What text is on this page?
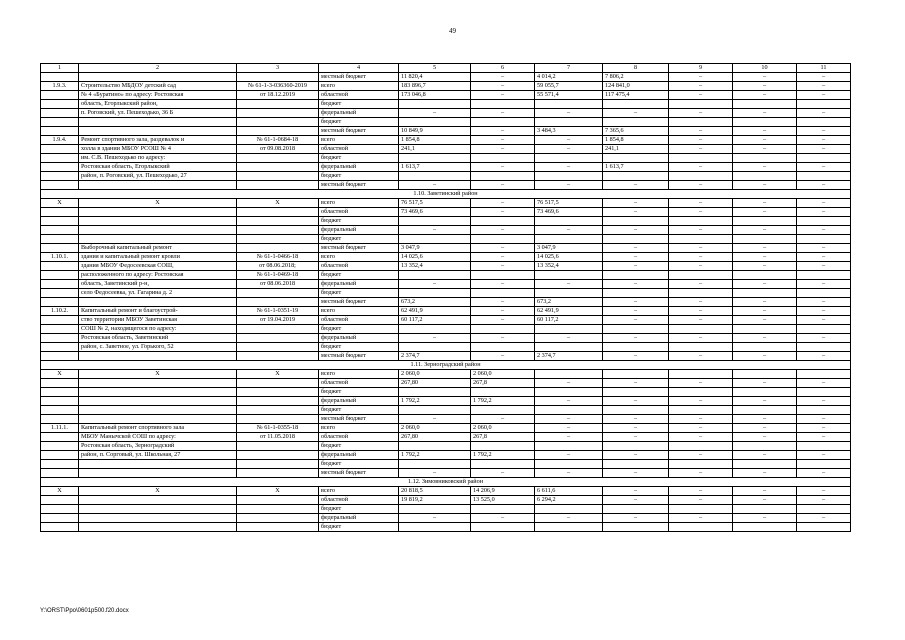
49
1	2	3	4	5	6	7	8	9	10	11
			местный бюджет	11 820,4	–	4 014,2	7 806,2	–	–	–
1.9.3.	Строительство МБДОУ детский сад	№ 61-1-3-036360-2019	всего	183 896,7	–	59 055,7	124 841,0	–	–	–
	№ 4 «Буратино» по адресу: Ростовская	от 18.12.2019	областной	173 046,8	–	55 571,4	117 475,4	–	–	–
	область, Егорлыкский район,		бюджет							
	п. Роговский, ул. Пешеходько, 36 Б		федеральный	–	–	–	–	–	–	–
			бюджет							
			местный бюджет	10 849,9	–	3 484,3	7 365,6	–	–	–
1.9.4.	Ремонт спортивного зала, раздевалок и	№ 61-1-0684-18	всего	1 854,8	–	–	1 854,8	–	–	–
	холла в здании МБОУ РСОШ № 4	от 09.08.2018	областной	241,1	–	–	241,1	–	–	–
	им. С.В. Пешеходько по адресу:		бюджет							
	Ростовская область, Егорлыкский		федеральный	1 613,7	–	–	1 613,7	–	–	–
	район, п. Роговский, ул. Пешеходько, 27		бюджет							
			местный бюджет	–	–	–	–	–	–	–
1.10. Заветинский район										
X	X	X	всего	76 517,5	–	76 517,5	–	–	–	–
			областной	73 469,6	–	73 469,6	–	–	–	–
			бюджет							
			федеральный	–	–	–	–	–	–	–
			бюджет							
	Выборочный капитальный ремонт		местный бюджет	3 047,9	–	3 047,9	–	–	–	–
1.10.1.	здания и капитальный ремонт кровли	№ 61-1-0466-18	всего	14 025,6	–	14 025,6	–	–	–	–
	здания МБОУ Федосеевская СОШ,	от 08.06.2018;	областной	13 352,4	–	13 352,4	–	–	–	–
	расположенного по адресу: Ростовская	№ 61-1-0469-18	бюджет							
	область, Заветинский р-н,	от 08.06.2018	федеральный	–	–	–	–	–	–	–
	село Федосеевка, ул. Гагарина д. 2		бюджет							
			местный бюджет	673,2	–	673,2	–	–	–	–
1.10.2.	Капитальный ремонт и благоустрой-	№ 61-1-0351-19	всего	62 491,9	–	62 491,9	–	–	–	–
	ство территории МБОУ Заветинская	от 19.04.2019	областной	60 117,2	–	60 117,2	–	–	–	–
	СОШ № 2, находящегося по адресу:		бюджет							
	Ростовская область, Заветинский		федеральный	–	–	–	–	–	–	–
	район, с. Заветное, ул. Горького, 52		бюджет							
			местный бюджет	2 374,7	–	2 374,7	–	–	–	–
1.11. Зерноградский район										
X	X	X	всего	2 060,0	2 060,0					
			областной	267,80	267,8	–	–	–	–	–
			бюджет							
			федеральный	1 792,2	1 792,2	–	–	–	–	–
			бюджет							
			местный бюджет	–	–	–	–	–	–	–
1.11.1.	Капитальный ремонт спортивного зала	№ 61-1-0355-18	всего	2 060,0	2 060,0	–	–	–	–	–
	МБОУ Манычской СОШ по адресу:	от 11.05.2018	областной	267,80	267,8	–	–	–	–	–
	Ростовская область, Зерноградский		бюджет							
	район, п. Сорговый, ул. Школьная, 27		федеральный	1 792,2	1 792,2	–	–	–	–	–
			бюджет							
			местный бюджет	–	–	–	–	–	–	–
1.12. Зимовниковский район										
X	X	X	всего	20 818,5	14 206,9	6 611,6	–	–	–	–
			областной	19 819,2	13 525,0	6 294,2	–	–	–	–
			бюджет							
			федеральный	–	–	–	–	–	–	–
			бюджет							
Y:\ORST\Ppo\0601p500.f20.docx
